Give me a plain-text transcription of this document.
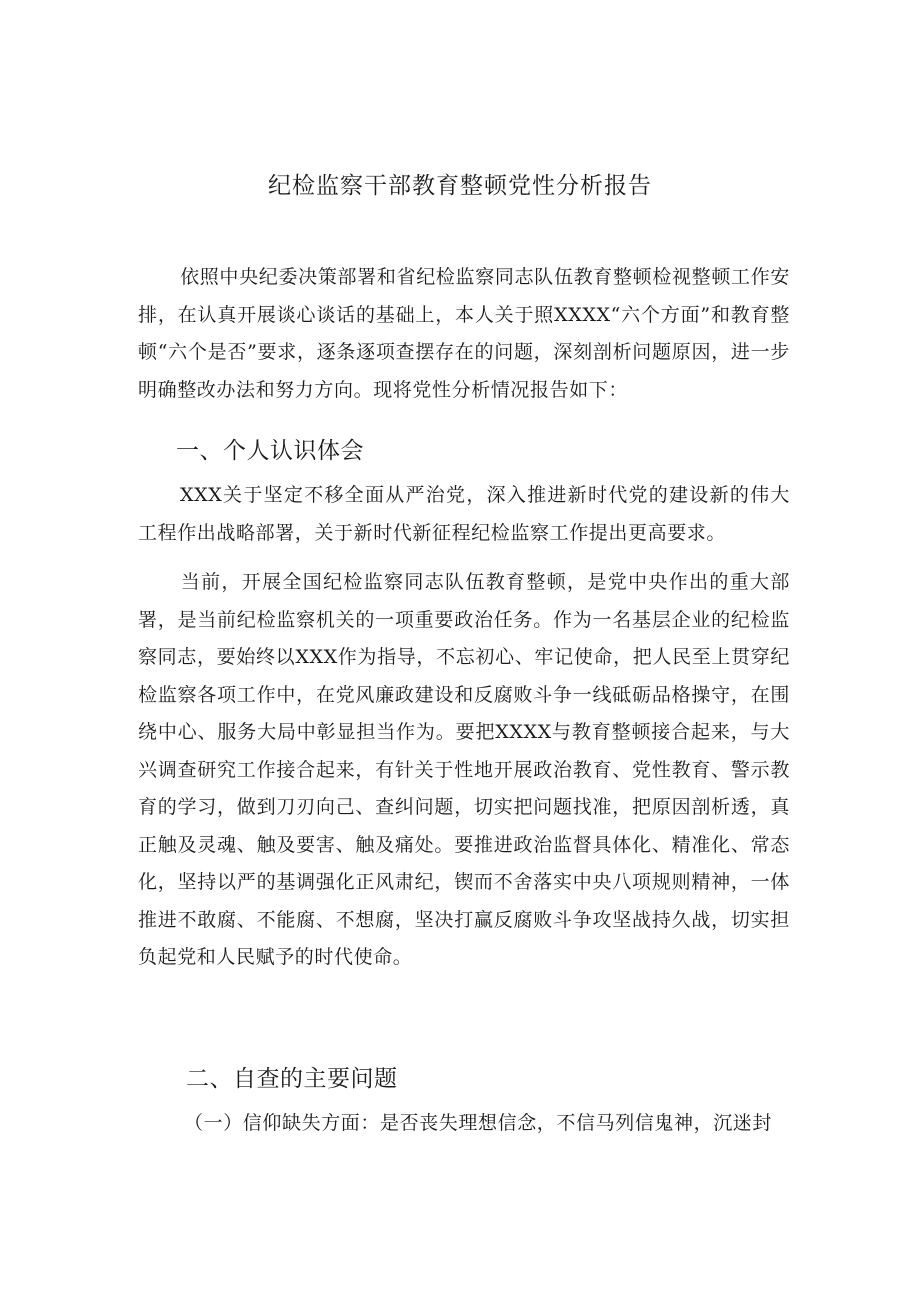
纪检监察干部教育整顿党性分析报告

依照中央纪委决策部署和省纪检监察同志队伍教育整顿检视整顿工作安排，在认真开展谈心谈话的基础上，本人关于照XXXX“六个方面”和教育整顿“六个是否”要求，逐条逐项查摆存在的问题，深刻剖析问题原因，进一步明确整改办法和努力方向。现将党性分析情况报告如下：

一、个人认识体会

XXX关于坚定不移全面从严治党，深入推进新时代党的建设新的伟大工程作出战略部署，关于新时代新征程纪检监察工作提出更高要求。

当前，开展全国纪检监察同志队伍教育整顿，是党中央作出的重大部署，是当前纪检监察机关的一项重要政治任务。作为一名基层企业的纪检监察同志，要始终以XXX作为指导，不忘初心、牢记使命，把人民至上贯穿纪检监察各项工作中，在党风廉政建设和反腐败斗争一线砥砺品格操守，在围绕中心、服务大局中彰显担当作为。要把XXXX与教育整顿接合起来，与大兴调查研究工作接合起来，有针关于性地开展政治教育、党性教育、警示教育的学习，做到刀刃向己、查纠问题，切实把问题找准，把原因剖析透，真正触及灵魂、触及要害、触及痛处。要推进政治监督具体化、精准化、常态化，坚持以严的基调强化正风肃纪，锲而不舍落实中央八项规则精神，一体推进不敢腐、不能腐、不想腐，坚决打赢反腐败斗争攻坚战持久战，切实担负起党和人民赋予的时代使命。

二、自查的主要问题
（一）信仰缺失方面：是否丧失理想信念，不信马列信鬼神，沉迷封
